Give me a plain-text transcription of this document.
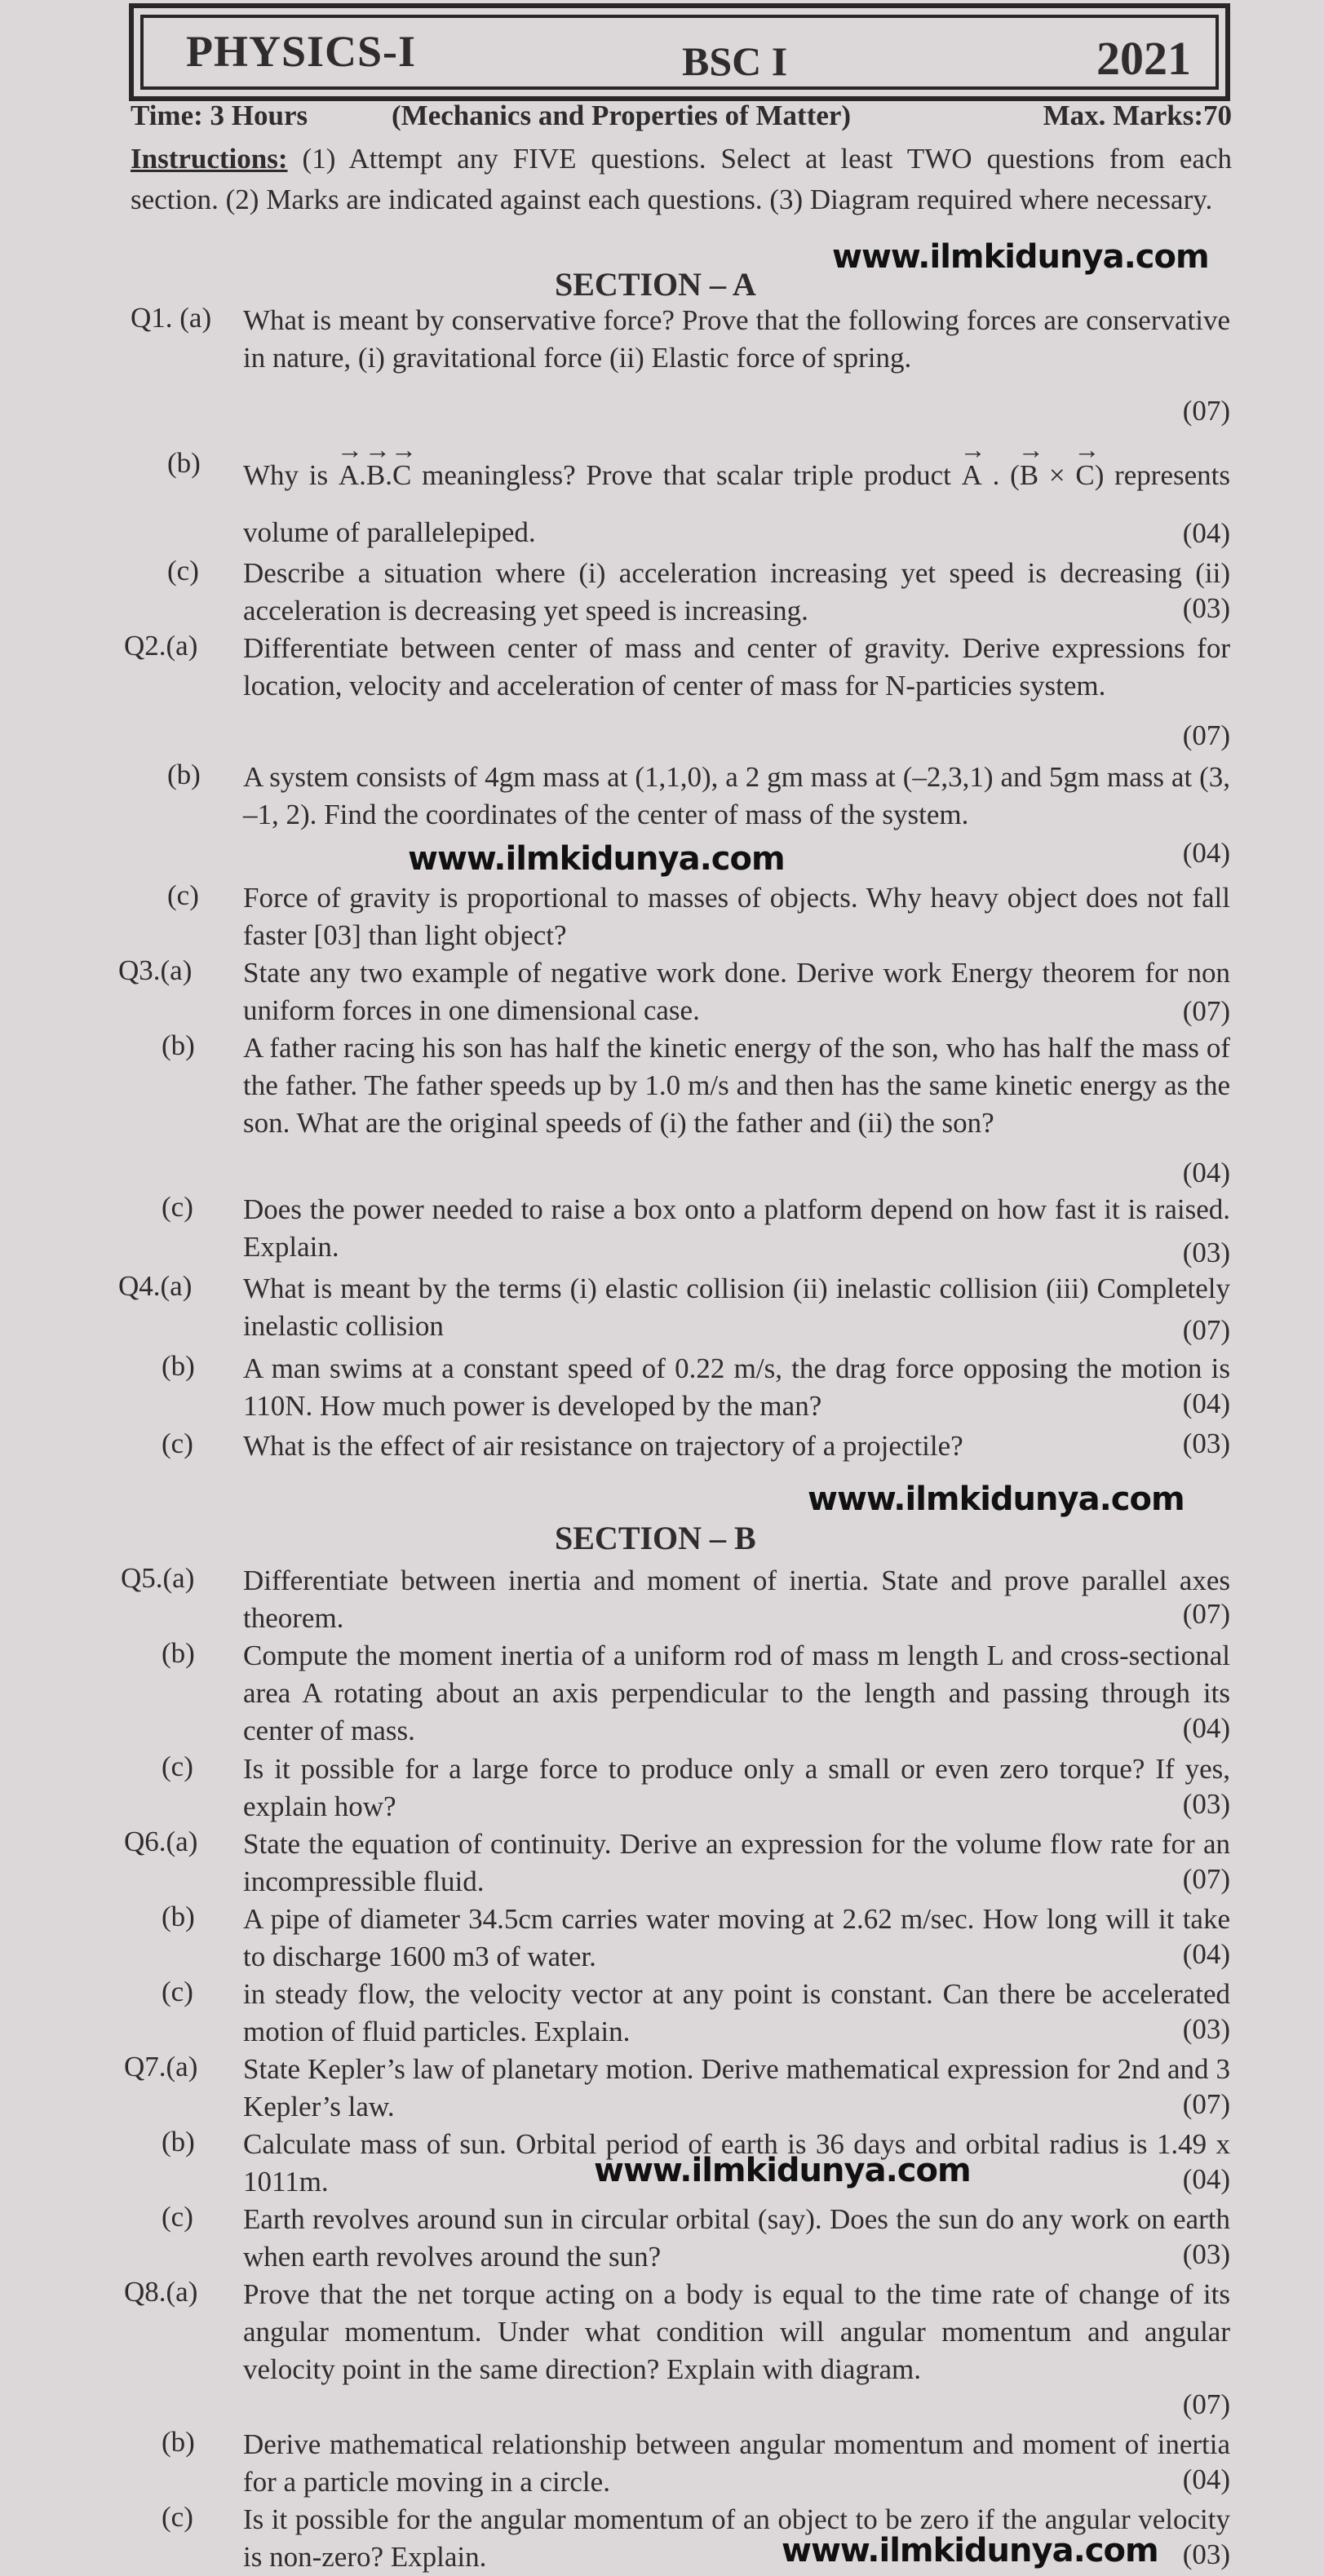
PHYSICS-I	BSC I	2021
Time: 3 Hours	(Mechanics and Properties of Matter)	Max. Marks:70
Instructions: (1) Attempt any FIVE questions. Select at least TWO questions from each section. (2) Marks are indicated against each questions. (3) Diagram required where necessary.
www.ilmkidunya.com
SECTION – A
Q1. (a) What is meant by conservative force? Prove that the following forces are conservative in nature, (i) gravitational force (ii) Elastic force of spring.
(07)
(b) Why is → A.→ B.→ C meaningless? Prove that scalar triple product → A . (→ B × → C) represents volume of parallelepiped.	(04)
(c) Describe a situation where (i) acceleration increasing yet speed is decreasing (ii) acceleration is decreasing yet speed is increasing.	(03)
Q2.(a) Differentiate between center of mass and center of gravity. Derive expressions for location, velocity and acceleration of center of mass for N-particies system.
(07)
(b) A system consists of 4gm mass at (1,1,0), a 2 gm mass at (–2,3,1) and 5gm mass at (3, –1, 2). Find the coordinates of the center of mass of the system.
(04)
www.ilmkidunya.com
(c) Force of gravity is proportional to masses of objects. Why heavy object does not fall faster [03] than light object?
Q3.(a) State any two example of negative work done. Derive work Energy theorem for non uniform forces in one dimensional case.	(07)
(b) A father racing his son has half the kinetic energy of the son, who has half the mass of the father. The father speeds up by 1.0 m/s and then has the same kinetic energy as the son. What are the original speeds of (i) the father and (ii) the son?
(04)
(c) Does the power needed to raise a box onto a platform depend on how fast it is raised. Explain.	(03)
Q4.(a) What is meant by the terms (i) elastic collision (ii) inelastic collision (iii) Completely inelastic collision	(07)
(b) A man swims at a constant speed of 0.22 m/s, the drag force opposing the motion is 110N. How much power is developed by the man?	(04)
(c) What is the effect of air resistance on trajectory of a projectile?	(03)
www.ilmkidunya.com
SECTION – B
Q5.(a) Differentiate between inertia and moment of inertia. State and prove parallel axes theorem.	(07)
(b) Compute the moment inertia of a uniform rod of mass m length L and cross-sectional area A rotating about an axis perpendicular to the length and passing through its center of mass.	(04)
(c) Is it possible for a large force to produce only a small or even zero torque? If yes, explain how?	(03)
Q6.(a) State the equation of continuity. Derive an expression for the volume flow rate for an incompressible fluid.	(07)
(b) A pipe of diameter 34.5cm carries water moving at 2.62 m/sec. How long will it take to discharge 1600 m3 of water.	(04)
(c) in steady flow, the velocity vector at any point is constant. Can there be accelerated motion of fluid particles. Explain.	(03)
Q7.(a) State Kepler’s law of planetary motion. Derive mathematical expression for 2nd and 3 Kepler’s law.	(07)
(b) Calculate mass of sun. Orbital period of earth is 36 days and orbital radius is 1.49 x 1011m.	(04)
www.ilmkidunya.com
(c) Earth revolves around sun in circular orbital (say). Does the sun do any work on earth when earth revolves around the sun?	(03)
Q8.(a) Prove that the net torque acting on a body is equal to the time rate of change of its angular momentum. Under what condition will angular momentum and angular velocity point in the same direction? Explain with diagram.
(07)
(b) Derive mathematical relationship between angular momentum and moment of inertia for a particle moving in a circle.	(04)
(c) Is it possible for the angular momentum of an object to be zero if the angular velocity is non-zero? Explain.	(03)
www.ilmkidunya.com
